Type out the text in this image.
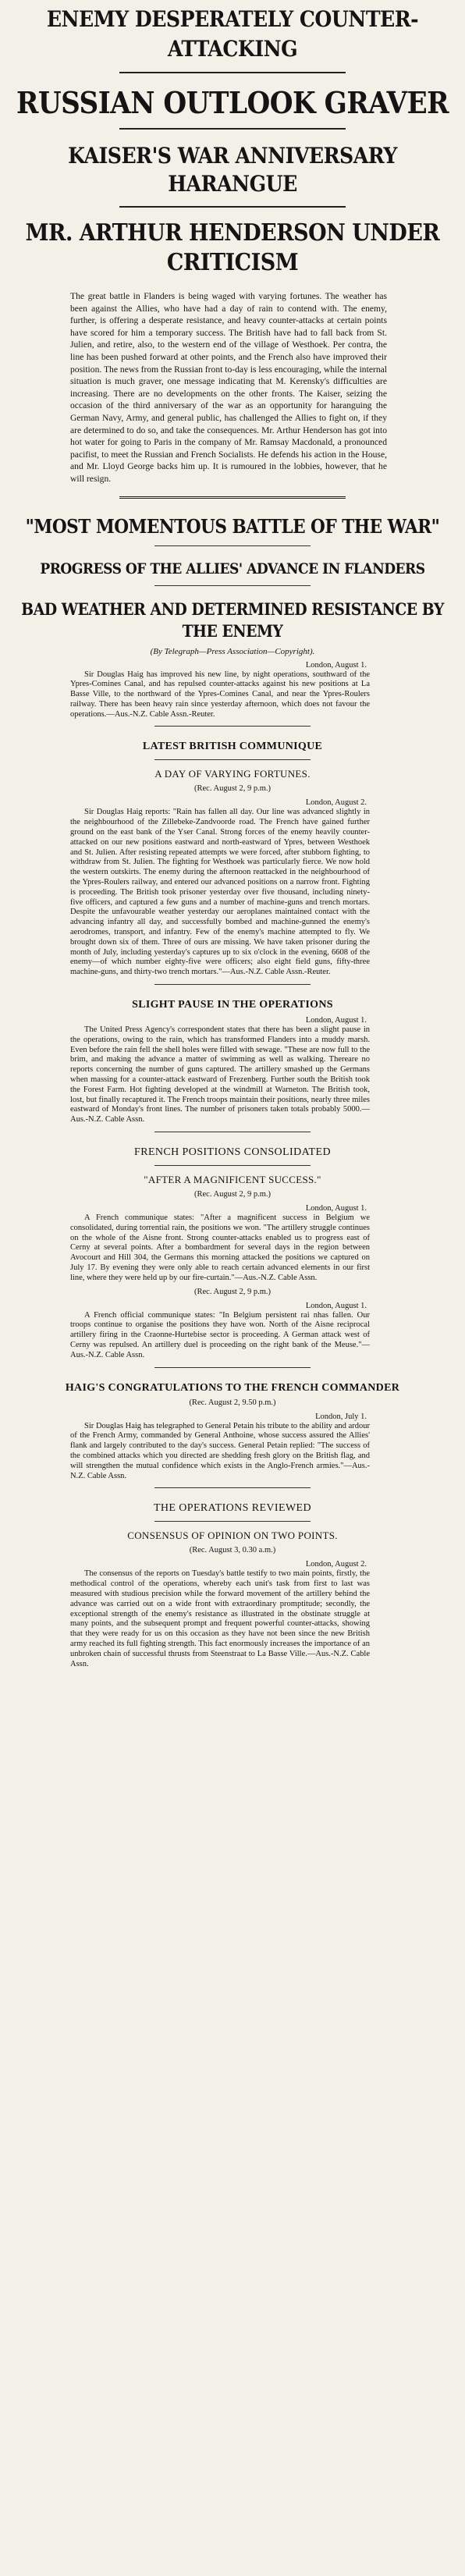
ENEMY DESPERATELY COUNTER-ATTACKING
RUSSIAN OUTLOOK GRAVER
KAISER'S WAR ANNIVERSARY HARANGUE
MR. ARTHUR HENDERSON UNDER CRITICISM

The great battle in Flanders is being waged with varying fortunes. The weather has been against the Allies, who have had a day of rain to contend with. The enemy, further, is offering a desperate resistance, and heavy counter-attacks at certain points have scored for him a temporary success. The British have had to fall back from St. Julien, and retire, also, to the western end of the village of Westhoek. Per contra, the line has been pushed forward at other points, and the French also have improved their position. The news from the Russian front to-day is less encouraging, while the internal situation is much graver, one message indicating that M. Kerensky's difficulties are increasing. There are no developments on the other fronts. The Kaiser, seizing the occasion of the third anniversary of the war as an opportunity for haranguing the German Navy, Army, and general public, has challenged the Allies to fight on, if they are determined to do so, and take the consequences. Mr. Arthur Henderson has got into hot water for going to Paris in the company of Mr. Ramsay Macdonald, a pronounced pacifist, to meet the Russian and French Socialists. He defends his action in the House, and Mr. Lloyd George backs him up. It is rumoured in the lobbies, however, that he will resign.

"MOST MOMENTOUS BATTLE OF THE WAR"
PROGRESS OF THE ALLIES' ADVANCE IN FLANDERS
BAD WEATHER AND DETERMINED RESISTANCE BY THE ENEMY
(By Telegraph—Press Association—Copyright).
London, August 1.

Sir Douglas Haig has improved his new line, by night operations, southward of the Ypres-Comines Canal, and has repulsed counter-attacks against his new positions at La Basse Ville, to the northward of the Ypres-Comines Canal, and near the Ypres-Roulers railway. There has been heavy rain since yesterday afternoon, which does not favour the operations.—Aus.-N.Z. Cable Assn.-Reuter.

LATEST BRITISH COMMUNIQUE
A DAY OF VARYING FORTUNES.
(Rec. August 2, 9 p.m.)
London, August 2.

Sir Douglas Haig reports: "Rain has fallen all day. Our line was advanced slightly in the neighbourhood of the Zillebeke-Zandvoorde road. The French have gained further ground on the east bank of the Yser Canal. Strong forces of the enemy heavily counter-attacked on our new positions eastward and north-eastward of Ypres, between Westhoek and St. Julien. After resisting repeated attempts we were forced, after stubborn fighting, to withdraw from St. Julien. The fighting for Westhoek was particularly fierce. We now hold the western outskirts. The enemy during the afternoon reattacked in the neighbourhood of the Ypres-Roulers railway, and entered our advanced positions on a narrow front. Fighting is proceeding. The British took prisoner yesterday over five thousand, including ninety-five officers, and captured a few guns and a number of machine-guns and trench mortars. Despite the unfavourable weather yesterday our aeroplanes maintained contact with the advancing infantry all day, and successfully bombed and machine-gunned the enemy's aerodromes, transport, and infantry. Few of the enemy's machine attempted to fly. We brought down six of them. Three of ours are missing. We have taken prisoner during the month of July, including yesterday's captures up to six o'clock in the evening, 6608 of the enemy—of which number eighty-five were officers; also eight field guns, fifty-three machine-guns, and thirty-two trench mortars."—Aus.-N.Z. Cable Assn.-Reuter.

SLIGHT PAUSE IN THE OPERATIONS
London, August 1.

The United Press Agency's correspondent states that there has been a slight pause in the operations, owing to the rain, which has transformed Flanders into a muddy marsh. Even before the rain fell the shell holes were filled with sewage. "These are now full to the brim, and making the advance a matter of swimming as well as walking. Thereare no reports concerning the number of guns captured. The artillery smashed up the Germans when massing for a counter-attack eastward of Frezenberg. Further south the British took the Forest Farm. Hot fighting developed at the windmill at Warneton. The British took, lost, but finally recaptured it. The French troops maintain their positions, nearly three miles eastward of Monday's front lines. The number of prisoners taken totals probably 5000.—Aus.-N.Z. Cable Assn.

FRENCH POSITIONS CONSOLIDATED
"AFTER A MAGNIFICENT SUCCESS."
(Rec. August 2, 9 p.m.)
London, August 1.

A French communique states: "After a magnificent success in Belgium we consolidated, during torrential rain, the positions we won. "The artillery struggle continues on the whole of the Aisne front. Strong counter-attacks enabled us to progress east of Cerny at several points. After a bombardment for several days in the region between Avocourt and Hill 304, the Germans this morning attacked the positions we captured on July 17. By evening they were only able to reach certain advanced elements in our first line, where they were held up by our fire-curtain."—Aus.-N.Z. Cable Assn.

(Rec. August 2, 9 p.m.)
London, August 1.

A French official communique states: "In Belgium persistent rai nhas fallen. Our troops continue to organise the positions they have won. North of the Aisne reciprocal artillery firing in the Craonne-Hurtebise sector is proceeding. A German attack west of Cerny was repulsed. An artillery duel is proceeding on the right bank of the Meuse."—Aus.-N.Z. Cable Assn.

HAIG'S CONGRATULATIONS TO THE FRENCH COMMANDER
(Rec. August 2, 9.50 p.m.)
London, July 1.

Sir Douglas Haig has telegraphed to General Petain his tribute to the ability and ardour of the French Army, commanded by General Anthoine, whose success assured the Allies' flank and largely contributed to the day's success. General Petain replied: "The success of the combined attacks which you directed are shedding fresh glory on the British flag, and will strengthen the mutual confidence which exists in the Anglo-French armies."—Aus.-N.Z. Cable Assn.

THE OPERATIONS REVIEWED
CONSENSUS OF OPINION ON TWO POINTS.
(Rec. August 3, 0.30 a.m.)
London, August 2.

The consensus of the reports on Tuesday's battle testify to two main points, firstly, the methodical control of the operations, whereby each unit's task from first to last was measured with studious precision while the forward movement of the artillery behind the advance was carried out on a wide front with extraordinary promptitude; secondly, the exceptional strength of the enemy's resistance as illustrated in the obstinate struggle at many points, and the subsequent prompt and frequent powerful counter-attacks, showing that they were ready for us on this occasion as they have not been since the new British army reached its full fighting strength. This fact enormously increases the importance of an unbroken chain of successful thrusts from Steenstraat to La Basse Ville.—Aus.-N.Z. Cable Assn.
